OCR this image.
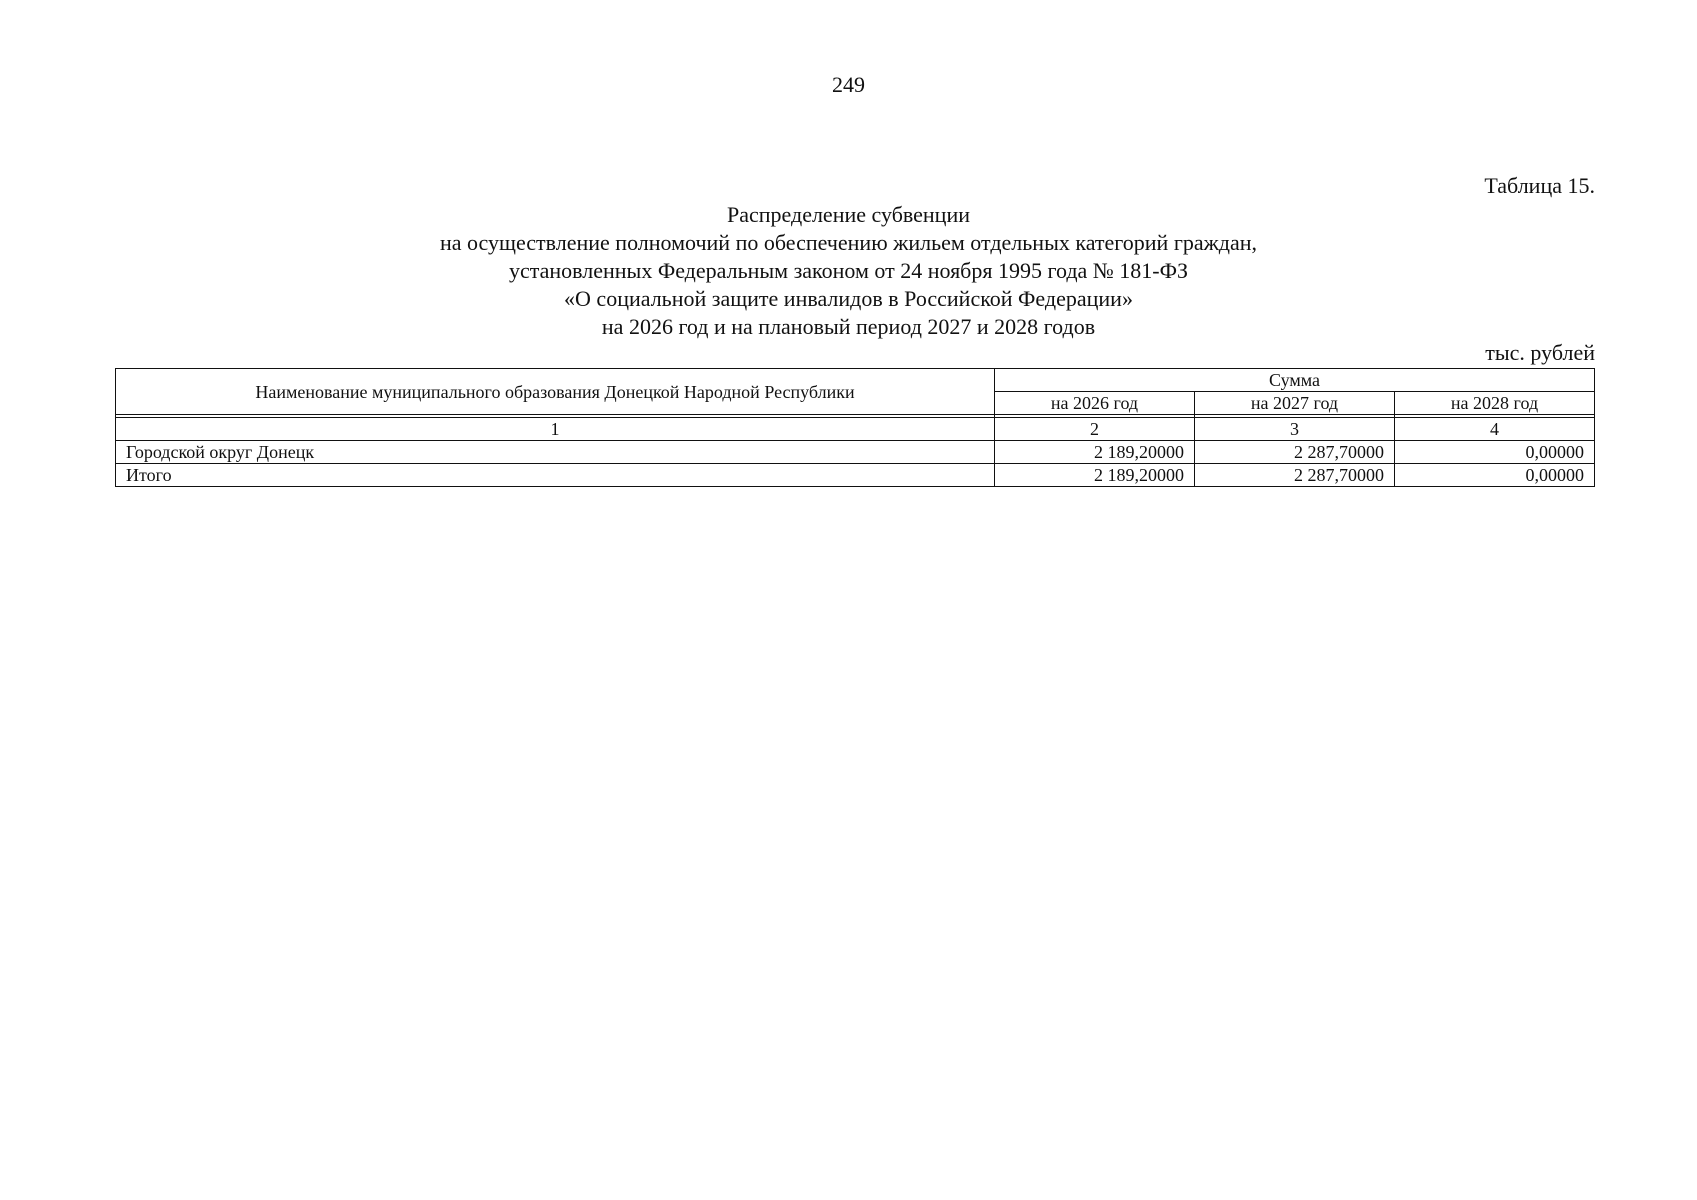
249
Таблица 15.
Распределение субвенции
на осуществление полномочий по обеспечению жильем отдельных категорий граждан,
установленных Федеральным законом от 24 ноября 1995 года № 181-ФЗ
«О социальной защите инвалидов в Российской Федерации»
на 2026 год и на плановый период 2027 и 2028 годов
тыс. рублей
Наименование муниципального образования Донецкой Народной Республики	Сумма		
	на 2026 год	на 2027 год	на 2028 год

1	2	3	4
Городской округ Донецк	2 189,20000	2 287,70000	0,00000
Итого	2 189,20000	2 287,70000	0,00000
